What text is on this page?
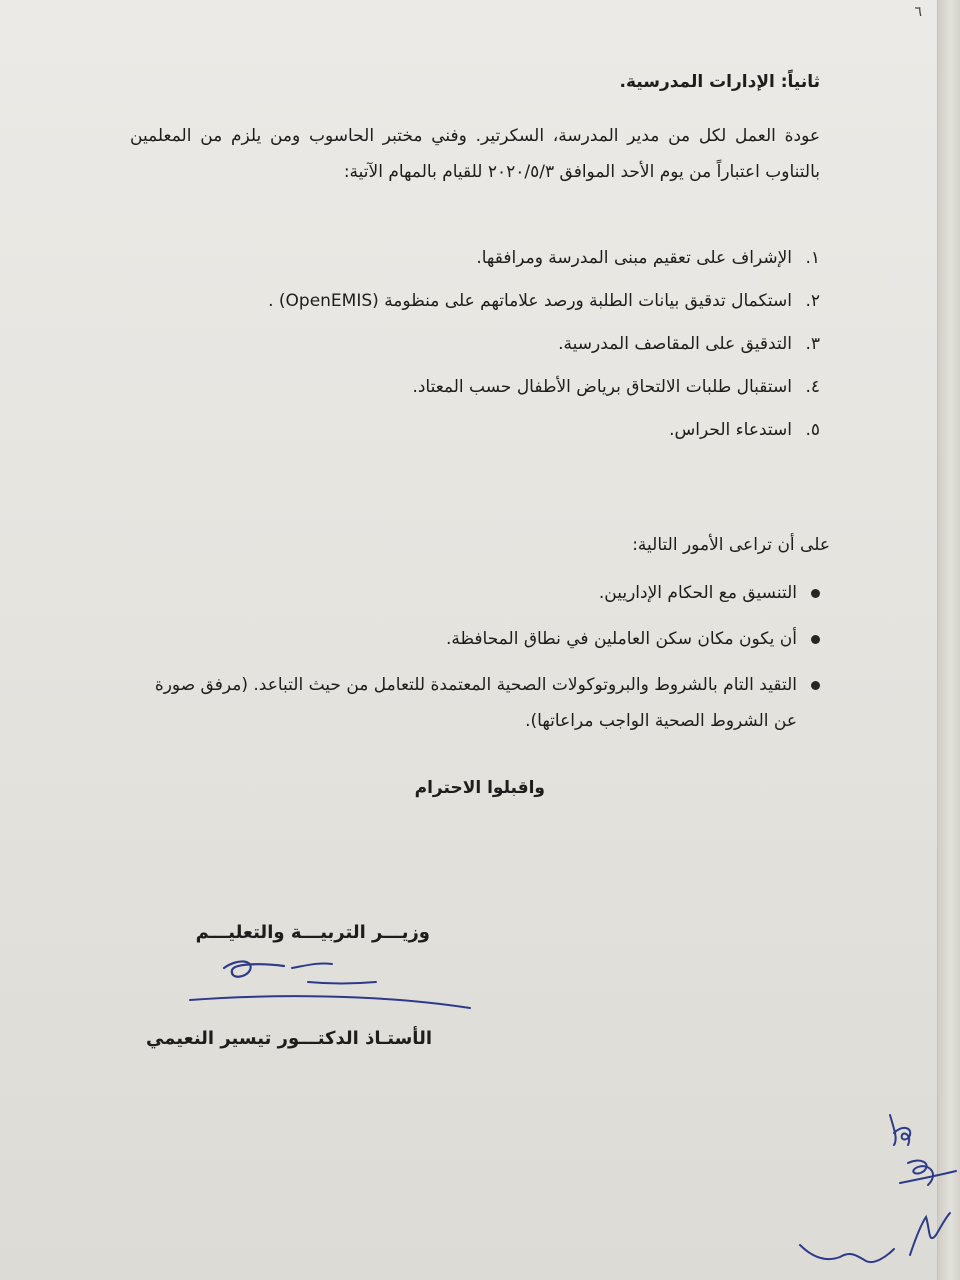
٦
ثانياً: الإدارات المدرسية.

عودة العمل لكل من مدير المدرسة، السكرتير. وفني مختبر الحاسوب ومن يلزم من المعلمين بالتناوب اعتباراً من يوم الأحد الموافق ٢٠٢٠/٥/٣ للقيام بالمهام الآتية:

١.
الإشراف على تعقيم مبنى المدرسة ومرافقها.
٢.
استكمال تدقيق بيانات الطلبة ورصد علاماتهم على منظومة (OpenEMIS) .
٣.
التدقيق على المقاصف المدرسية.
٤.
استقبال طلبات الالتحاق برياض الأطفال حسب المعتاد.
٥.
استدعاء الحراس.

على أن تراعى الأمور التالية:

التنسيق مع الحكام الإداريين.
أن يكون مكان سكن العاملين في نطاق المحافظة.
التقيد التام بالشروط والبروتوكولات الصحية المعتمدة للتعامل من حيث التباعد. (مرفق صورة عن الشروط الصحية الواجب مراعاتها).

واقبلوا الاحترام

وزيـــر التربيـــة والتعليـــم

الأستـاذ الدكتـــور تيسير النعيمي
